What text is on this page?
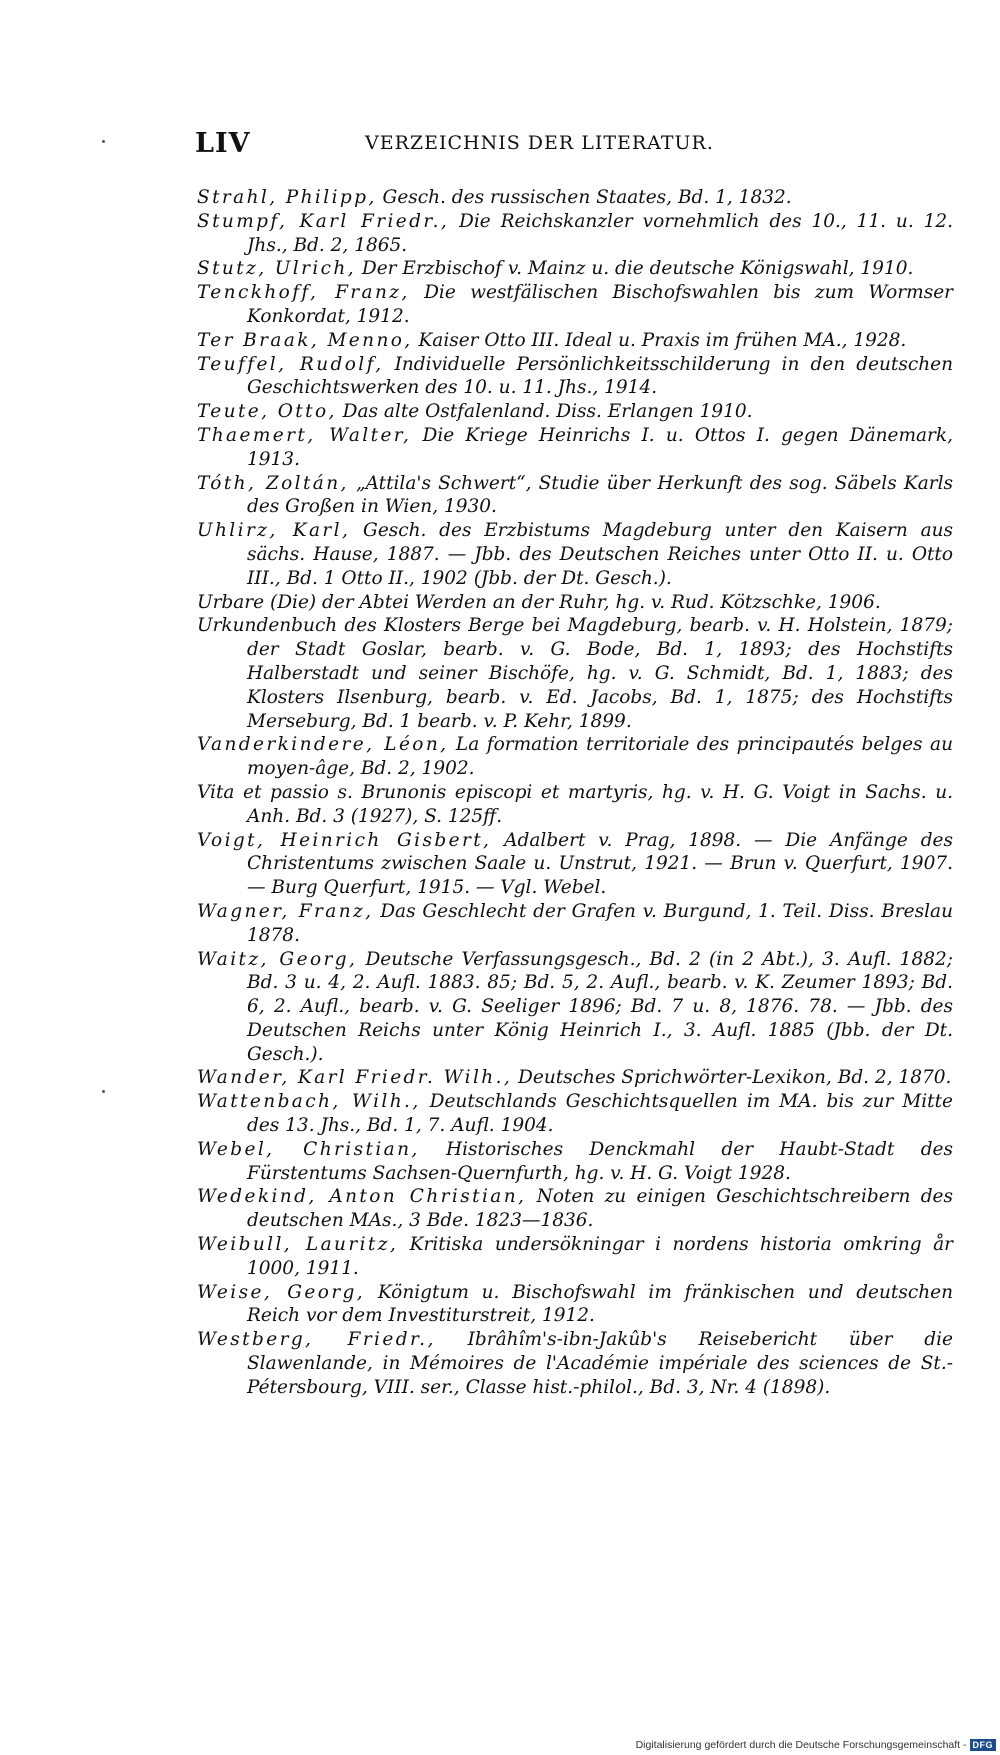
LIV	VERZEICHNIS DER LITERATUR.
Strahl, Philipp, Gesch. des russischen Staates, Bd. 1, 1832.
Stumpf, Karl Friedr., Die Reichskanzler vornehmlich des 10., 11. u. 12. Jhs., Bd. 2, 1865.
Stutz, Ulrich, Der Erzbischof v. Mainz u. die deutsche Königswahl, 1910.
Tenckhoff, Franz, Die westfälischen Bischofswahlen bis zum Wormser Konkordat, 1912.
Ter Braak, Menno, Kaiser Otto III. Ideal u. Praxis im frühen MA., 1928.
Teuffel, Rudolf, Individuelle Persönlichkeitsschilderung in den deutschen Geschichtswerken des 10. u. 11. Jhs., 1914.
Teute, Otto, Das alte Ostfalenland. Diss. Erlangen 1910.
Thaemert, Walter, Die Kriege Heinrichs I. u. Ottos I. gegen Dänemark, 1913.
Tóth, Zoltán, „Attila's Schwert“, Studie über Herkunft des sog. Säbels Karls des Großen in Wien, 1930.
Uhlirz, Karl, Gesch. des Erzbistums Magdeburg unter den Kaisern aus sächs. Hause, 1887. — Jbb. des Deutschen Reiches unter Otto II. u. Otto III., Bd. 1 Otto II., 1902 (Jbb. der Dt. Gesch.).
Urbare (Die) der Abtei Werden an der Ruhr, hg. v. Rud. Kötzschke, 1906.
Urkundenbuch des Klosters Berge bei Magdeburg, bearb. v. H. Holstein, 1879; der Stadt Goslar, bearb. v. G. Bode, Bd. 1, 1893; des Hochstifts Halberstadt und seiner Bischöfe, hg. v. G. Schmidt, Bd. 1, 1883; des Klosters Ilsenburg, bearb. v. Ed. Jacobs, Bd. 1, 1875; des Hochstifts Merseburg, Bd. 1 bearb. v. P. Kehr, 1899.
Vanderkindere, Léon, La formation territoriale des principautés belges au moyen-âge, Bd. 2, 1902.
Vita et passio s. Brunonis episcopi et martyris, hg. v. H. G. Voigt in Sachs. u. Anh. Bd. 3 (1927), S. 125ff.
Voigt, Heinrich Gisbert, Adalbert v. Prag, 1898. — Die Anfänge des Christentums zwischen Saale u. Unstrut, 1921. — Brun v. Querfurt, 1907. — Burg Querfurt, 1915. — Vgl. Webel.
Wagner, Franz, Das Geschlecht der Grafen v. Burgund, 1. Teil. Diss. Breslau 1878.
Waitz, Georg, Deutsche Verfassungsgesch., Bd. 2 (in 2 Abt.), 3. Aufl. 1882; Bd. 3 u. 4, 2. Aufl. 1883. 85; Bd. 5, 2. Aufl., bearb. v. K. Zeumer 1893; Bd. 6, 2. Aufl., bearb. v. G. Seeliger 1896; Bd. 7 u. 8, 1876. 78. — Jbb. des Deutschen Reichs unter König Heinrich I., 3. Aufl. 1885 (Jbb. der Dt. Gesch.).
Wander, Karl Friedr. Wilh., Deutsches Sprichwörter-Lexikon, Bd. 2, 1870.
Wattenbach, Wilh., Deutschlands Geschichtsquellen im MA. bis zur Mitte des 13. Jhs., Bd. 1, 7. Aufl. 1904.
Webel, Christian, Historisches Denckmahl der Haubt-Stadt des Fürstentums Sachsen-Quernfurth, hg. v. H. G. Voigt 1928.
Wedekind, Anton Christian, Noten zu einigen Geschichtschreibern des deutschen MAs., 3 Bde. 1823—1836.
Weibull, Lauritz, Kritiska undersökningar i nordens historia omkring år 1000, 1911.
Weise, Georg, Königtum u. Bischofswahl im fränkischen und deutschen Reich vor dem Investiturstreit, 1912.
Westberg, Friedr., Ibrâhîm's-ibn-Jakûb's Reisebericht über die Slawenlande, in Mémoires de l'Académie impériale des sciences de St.-Pétersbourg, VIII. ser., Classe hist.-philol., Bd. 3, Nr. 4 (1898).
Digitalisierung gefördert durch die Deutsche Forschungsgemeinschaft - DFG
